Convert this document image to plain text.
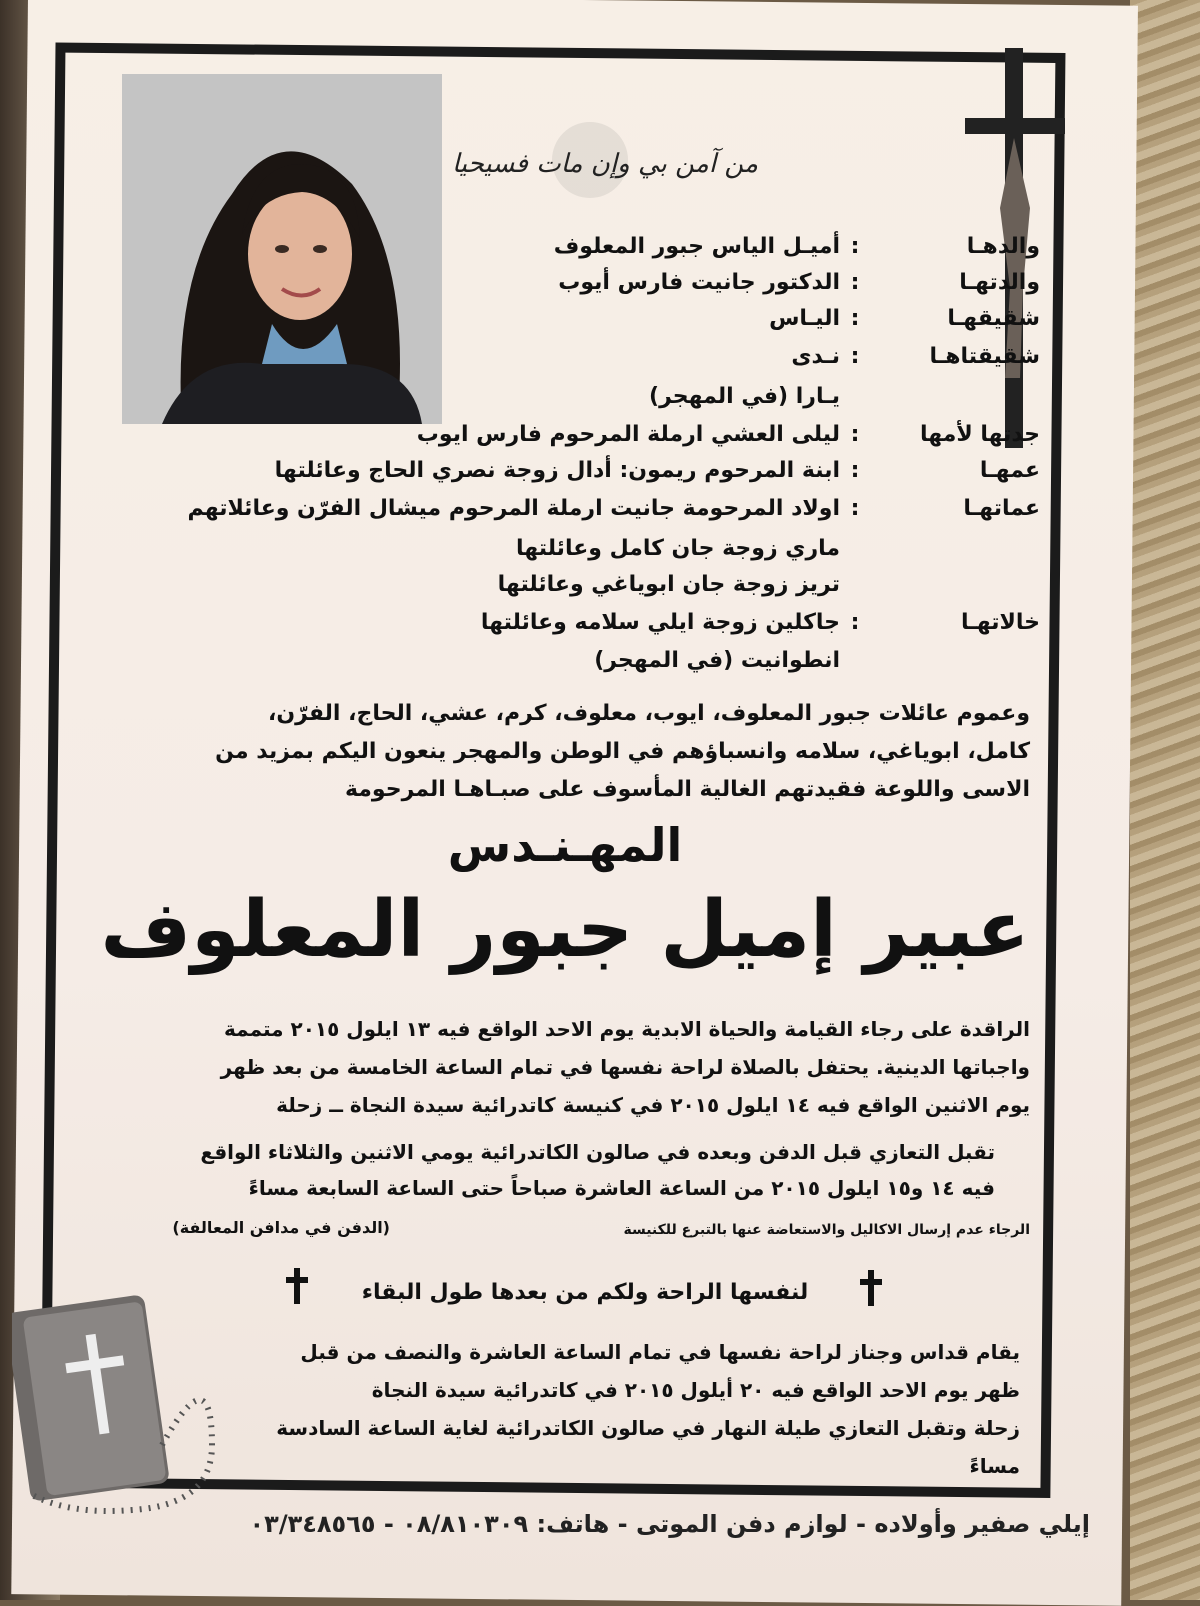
من آمن بي وإن مات فسيحيا
والدهـا
:
أميـل الياس جبور المعلوف
والدتهـا
:
الدكتور جانيت فارس أيوب
شقيقهـا
:
اليـاس
شقيقتاهـا
:
نـدى
يـارا (في المهجر)
جدتها لأمها
:
ليلى العشي ارملة المرحوم فارس ايوب
عمهـا
:
ابنة المرحوم ريمون: أدال زوجة نصري الحاج وعائلتها
عماتهـا
:
اولاد المرحومة جانيت ارملة المرحوم ميشال الفرّن وعائلاتهم
ماري زوجة جان كامل وعائلتها
تريز زوجة جان ابوياغي وعائلتها
خالاتهـا
:
جاكلين زوجة ايلي سلامه وعائلتها
انطوانيت (في المهجر)
وعموم عائلات جبور المعلوف، ايوب، معلوف، كرم، عشي، الحاج، الفرّن،
كامل، ابوياغي، سلامه وانسباؤهم في الوطن والمهجر ينعون اليكم بمزيد من
الاسى واللوعة فقيدتهم الغالية المأسوف على صبـاهـا المرحومة
المهـنـدس
عبير إميل جبور المعلوف
الراقدة على رجاء القيامة والحياة الابدية يوم الاحد الواقع فيه ١٣ ايلول ٢٠١٥ متممة
واجباتها الدينية. يحتفل بالصلاة لراحة نفسها في تمام الساعة الخامسة من بعد ظهر
يوم الاثنين الواقع فيه ١٤ ايلول ٢٠١٥ في كنيسة كاتدرائية سيدة النجاة ــ زحلة
تقبل التعازي قبل الدفن وبعده في صالون الكاتدرائية يومي الاثنين والثلاثاء الواقع
فيه ١٤ و١٥ ايلول ٢٠١٥ من الساعة العاشرة صباحاً حتى الساعة السابعة مساءً
الرجاء عدم إرسال الاكاليل والاستعاضة عنها بالتبرع للكنيسة
(الدفن في مدافن المعالفة)
لنفسها الراحة ولكم من بعدها طول البقاء
يقام قداس وجناز لراحة نفسها في تمام الساعة العاشرة والنصف من قبل
ظهر يوم الاحد الواقع فيه ٢٠ أيلول ٢٠١٥ في كاتدرائية سيدة النجاة
زحلة وتقبل التعازي طيلة النهار في صالون الكاتدرائية لغاية الساعة السادسة مساءً
إيلي صفير وأولاده - لوازم دفن الموتى - هاتف: ٠٨/٨١٠٣٠٩ - ٠٣/٣٤٨٥٦٥
